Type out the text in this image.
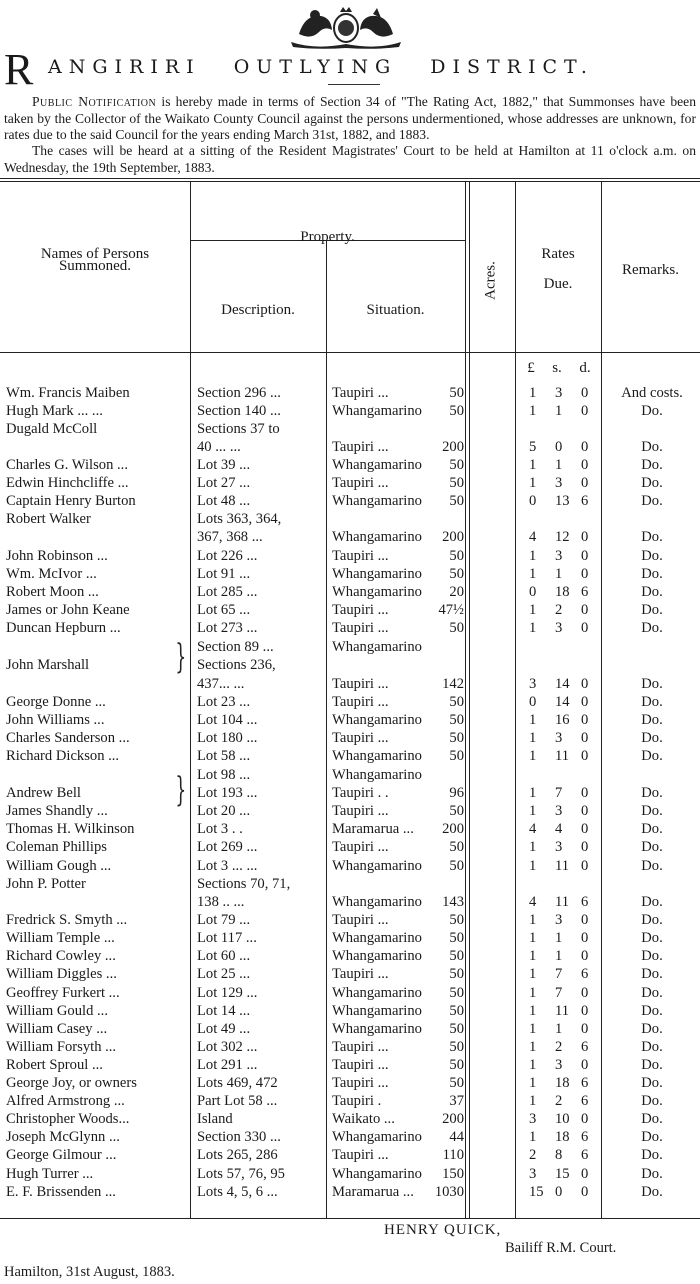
R ANGIRIRI OUTLYING DISTRICT.
Public Notification is hereby made in terms of Section 34 of "The Rating Act, 1882," that Summonses have been taken by the Collector of the Waikato County Council against the persons undermentioned, whose addresses are unknown, for rates due to the said Council for the years ending March 31st, 1882, and 1883.
The cases will be heard at a sitting of the Resident Magistrates' Court to be held at Hamilton at 11 o'clock a.m. on Wednesday, the 19th September, 1883.
Names of Persons
Summoned.
Property.
Description.	Situation.
Acres.
Rates
Due.
Remarks.
£	s.	d.
Wm. Francis Maiben	Section 296 ...	Taupiri ...	50	1 3 0	And costs.
Hugh Mark ... ...	Section 140 ...	Whangamarino 50	1 1 0	Do.
Dugald McColl	Sections 37 to
40 ... ...	Taupiri ...	200	5 0 0	Do.
Charles G. Wilson ...	Lot 39 ...	Whangamarino 50	1 1 0	Do.
Edwin Hinchcliffe ...	Lot 27 ...	Taupiri ...	50	1 3 0	Do.
Captain Henry Burton	Lot 48 ...	Whangamarino 50	0 13 6	Do.
Robert Walker	Lots 363, 364,
367, 368 ...	Whangamarino 200	4 12 0	Do.
John Robinson ...	Lot 226 ...	Taupiri ...	50	1 3 0	Do.
Wm. McIvor ...	Lot 91 ...	Whangamarino 50	1 1 0	Do.
Robert Moon ...	Lot 285 ...	Whangamarino 20	0 18 6	Do.
James or John Keane	Lot 65 ...	Taupiri ...	47½	1 2 0	Do.
Duncan Hepburn ...	Lot 273 ...	Taupiri ...	50	1 3 0	Do.
Section 89 ...	Whangamarino
John Marshall	Sections 236,
437... ...	Taupiri ...	142	3 14 0	Do.
George Donne ...	Lot 23 ...	Taupiri ...	50	0 14 0	Do.
John Williams ...	Lot 104 ...	Whangamarino 50	1 16 0	Do.
Charles Sanderson ...	Lot 180 ...	Taupiri ...	50	1 3 0	Do.
Richard Dickson ...	Lot 58 ...	Whangamarino 50	1 11 0	Do.
Lot 98 ...	Whangamarino
Andrew Bell	Lot 193 ...	Taupiri . .	96	1 7 0	Do.
James Shandly ...	Lot 20 ...	Taupiri ...	50	1 3 0	Do.
Thomas H. Wilkinson	Lot 3 . .	Maramarua ... 200	4 4 0	Do.
Coleman Phillips	Lot 269 ...	Taupiri ...	50	1 3 0	Do.
William Gough ...	Lot 3 ... ...	Whangamarino 50	1 11 0	Do.
John P. Potter	Sections 70, 71,
138 .. ...	Whangamarino 143	4 11 6	Do.
Fredrick S. Smyth ...	Lot 79 ...	Taupiri ...	50	1 3 0	Do.
William Temple ...	Lot 117 ...	Whangamarino 50	1 1 0	Do.
Richard Cowley ...	Lot 60 ...	Whangamarino 50	1 1 0	Do.
William Diggles ...	Lot 25 ...	Taupiri ...	50	1 7 6	Do.
Geoffrey Furkert ...	Lot 129 ...	Whangamarino 50	1 7 0	Do.
William Gould ...	Lot 14 ...	Whangamarino 50	1 11 0	Do.
William Casey ...	Lot 49 ...	Whangamarino 50	1 1 0	Do.
William Forsyth ...	Lot 302 ...	Taupiri ...	50	1 2 6	Do.
Robert Sproul ...	Lot 291 ...	Taupiri ...	50	1 3 0	Do.
George Joy, or owners	Lots 469, 472	Taupiri ...	50	1 18 6	Do.
Alfred Armstrong ...	Part Lot 58 ...	Taupiri .	37	1 2 6	Do.
Christopher Woods...	Island	Waikato ...	200	3 10 0	Do.
Joseph McGlynn ...	Section 330 ...	Whangamarino 44	1 18 6	Do.
George Gilmour ...	Lots 265, 286	Taupiri ...	110	2 8 6	Do.
Hugh Turrer ...	Lots 57, 76, 95	Whangamarino 150	3 15 0	Do.
E. F. Brissenden ...	Lots 4, 5, 6 ...	Maramarua ... 1030	15 0 0	Do.
}
}
HENRY QUICK,
Bailiff R.M. Court.
Hamilton, 31st August, 1883.
